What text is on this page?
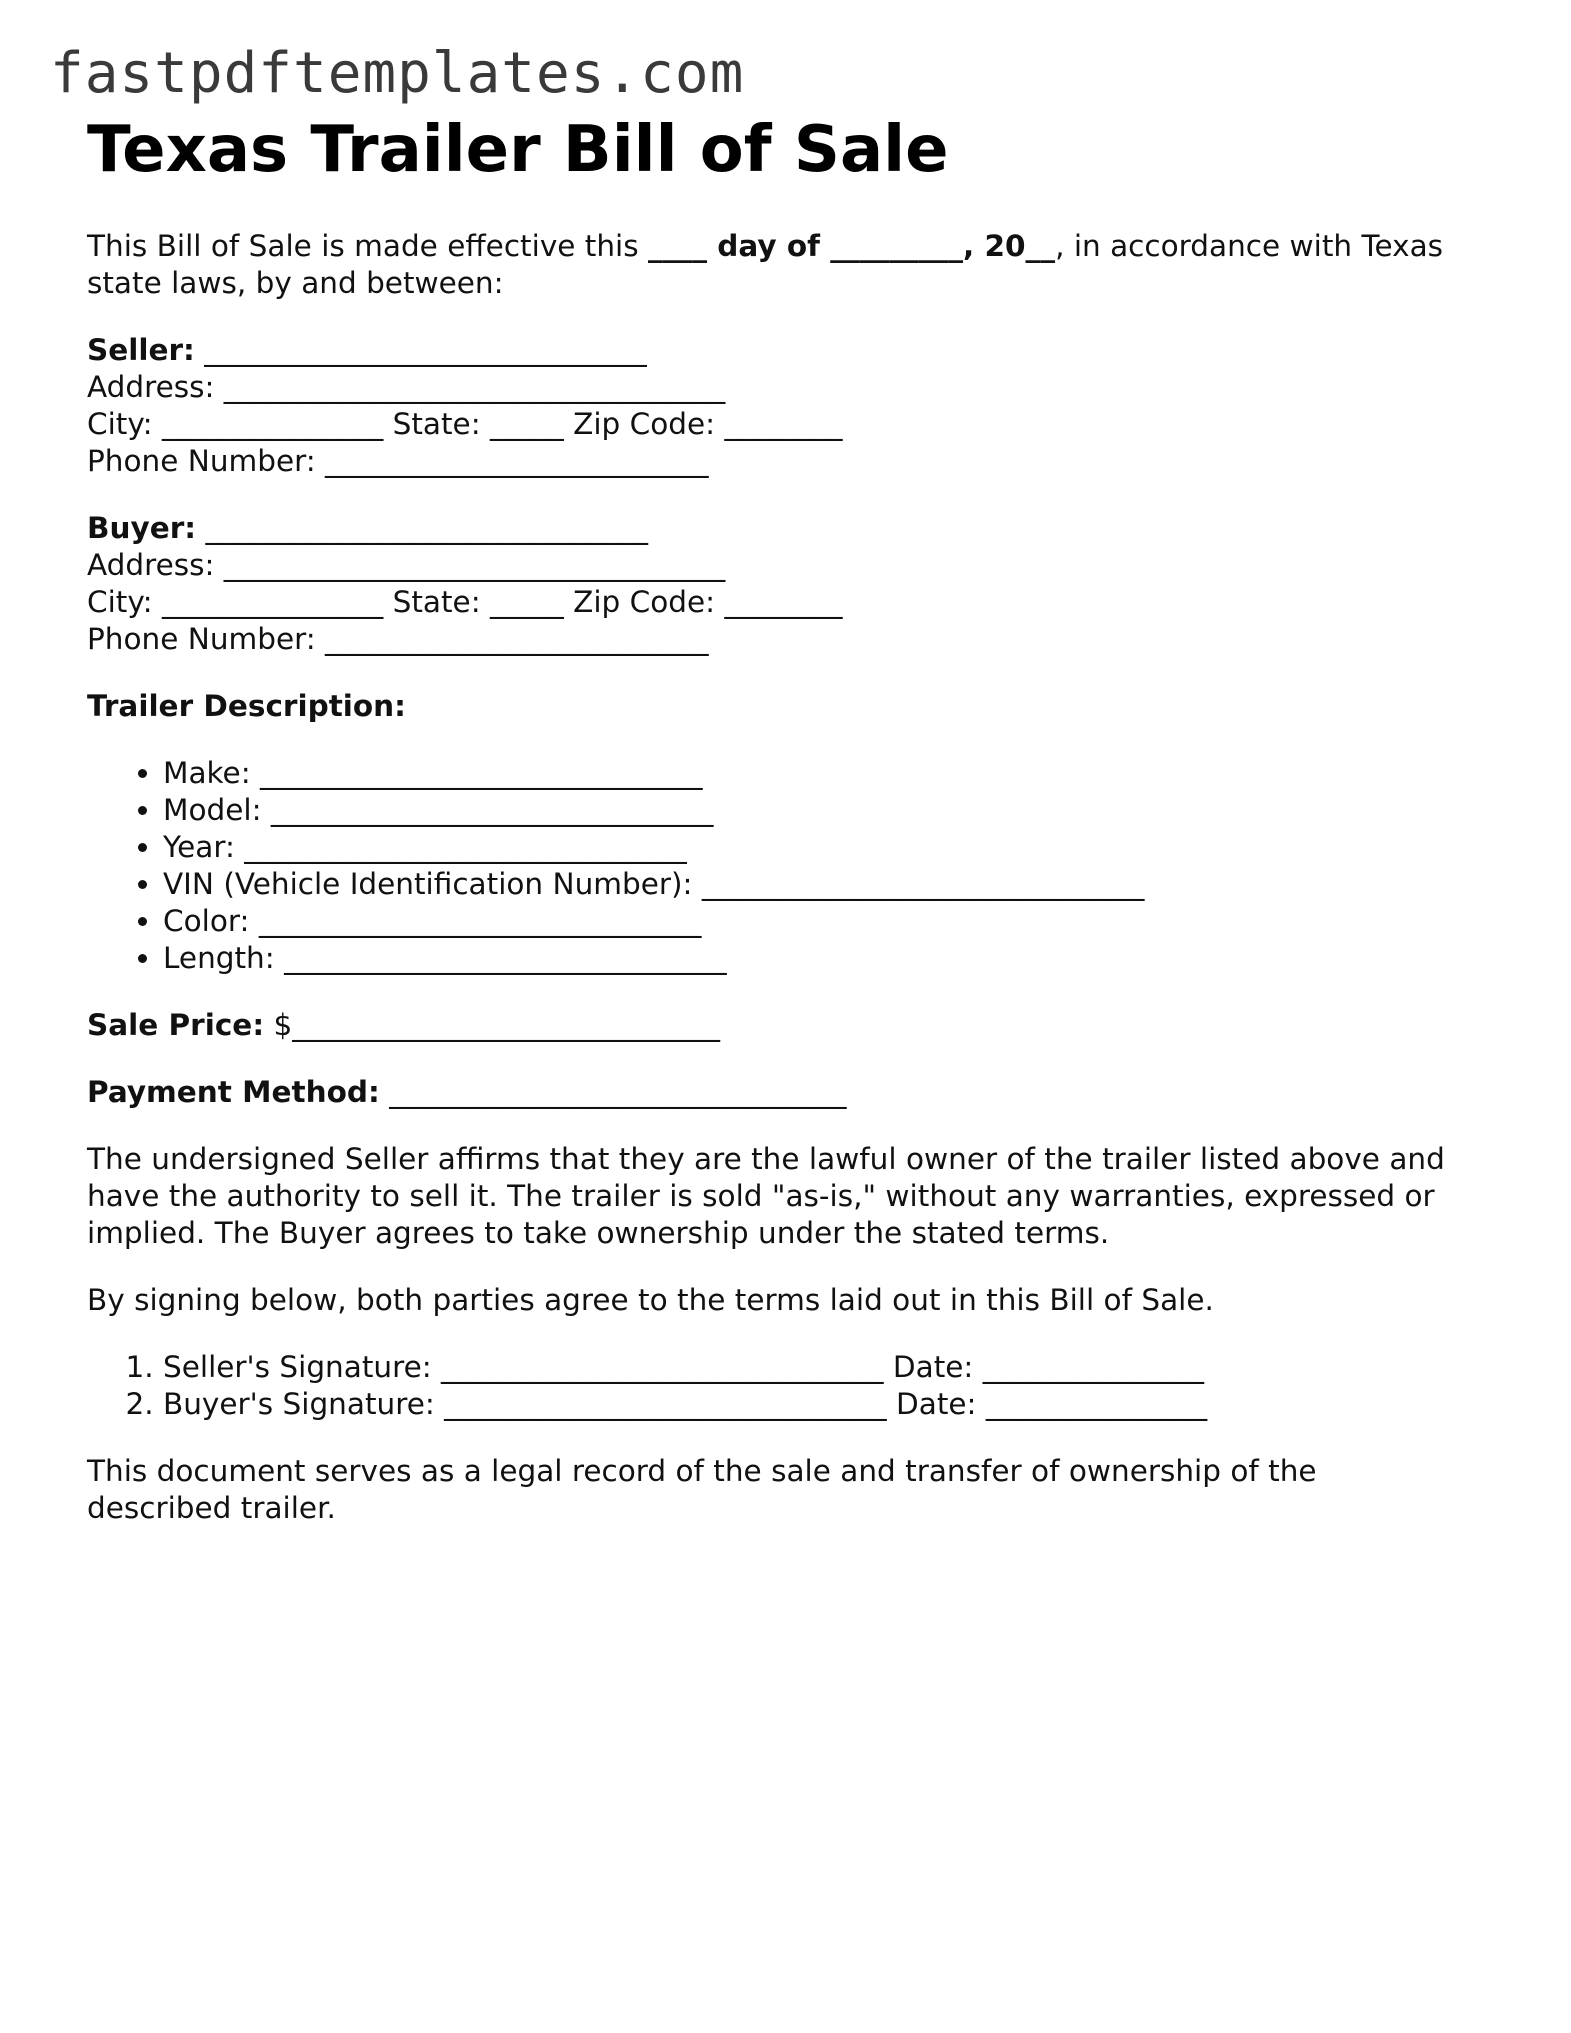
fastpdftemplates.com
Texas Trailer Bill of Sale

This Bill of Sale is made effective this ____ day of _________, 20__, in accordance with Texas state laws, by and between:

Seller: ______________________________
Address: __________________________________
City: _______________ State: _____ Zip Code: ________
Phone Number: __________________________
Buyer: ______________________________
Address: __________________________________
City: _______________ State: _____ Zip Code: ________
Phone Number: __________________________

Trailer Description:

• Make: ______________________________
• Model: ______________________________
• Year: ______________________________
• VIN (Vehicle Identification Number): ______________________________
• Color: ______________________________
• Length: ______________________________

Sale Price: $_____________________________

Payment Method: _______________________________

The undersigned Seller affirms that they are the lawful owner of the trailer listed above and have the authority to sell it. The trailer is sold "as-is," without any warranties, expressed or implied. The Buyer agrees to take ownership under the stated terms.

By signing below, both parties agree to the terms laid out in this Bill of Sale.

1. Seller's Signature: ______________________________ Date: _______________
2. Buyer's Signature: ______________________________ Date: _______________

This document serves as a legal record of the sale and transfer of ownership of the described trailer.
